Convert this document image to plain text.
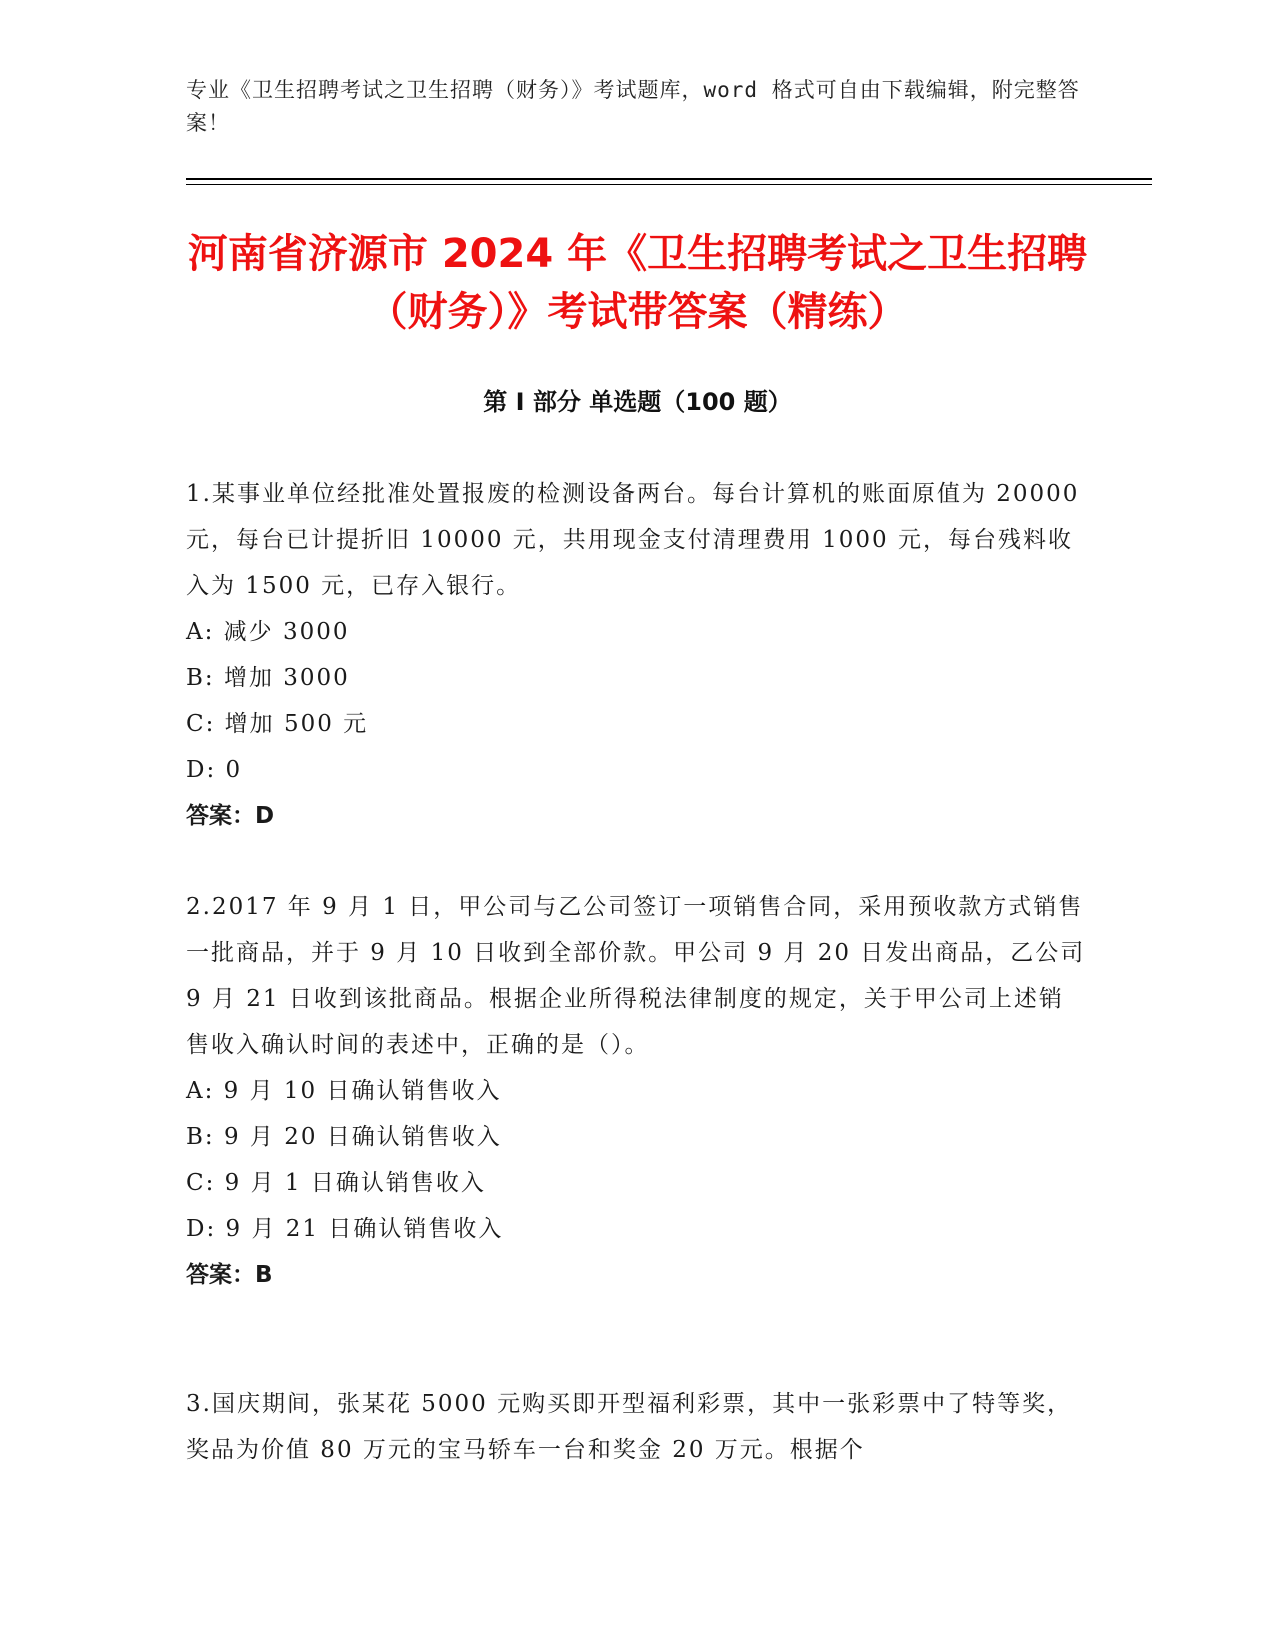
专业《卫生招聘考试之卫生招聘（财务）》考试题库，word 格式可自由下载编辑，附完整答案！
河南省济源市 2024 年《卫生招聘考试之卫生招聘（财务）》考试带答案（精练）
第 I 部分 单选题（100 题）

1.某事业单位经批准处置报废的检测设备两台。每台计算机的账面原值为 20000 元，每台已计提折旧 10000 元，共用现金支付清理费用 1000 元，每台残料收入为 1500 元，已存入银行。

A: 减少 3000

B: 增加 3000

C: 增加 500 元

D: 0

答案：D

2.2017 年 9 月 1 日，甲公司与乙公司签订一项销售合同，采用预收款方式销售一批商品，并于 9 月 10 日收到全部价款。甲公司 9 月 20 日发出商品，乙公司 9 月 21 日收到该批商品。根据企业所得税法律制度的规定，关于甲公司上述销售收入确认时间的表述中，正确的是（）。

A: 9 月 10 日确认销售收入

B: 9 月 20 日确认销售收入

C: 9 月 1 日确认销售收入

D: 9 月 21 日确认销售收入

答案：B

3.国庆期间，张某花 5000 元购买即开型福利彩票，其中一张彩票中了特等奖，奖品为价值 80 万元的宝马轿车一台和奖金 20 万元。根据个
